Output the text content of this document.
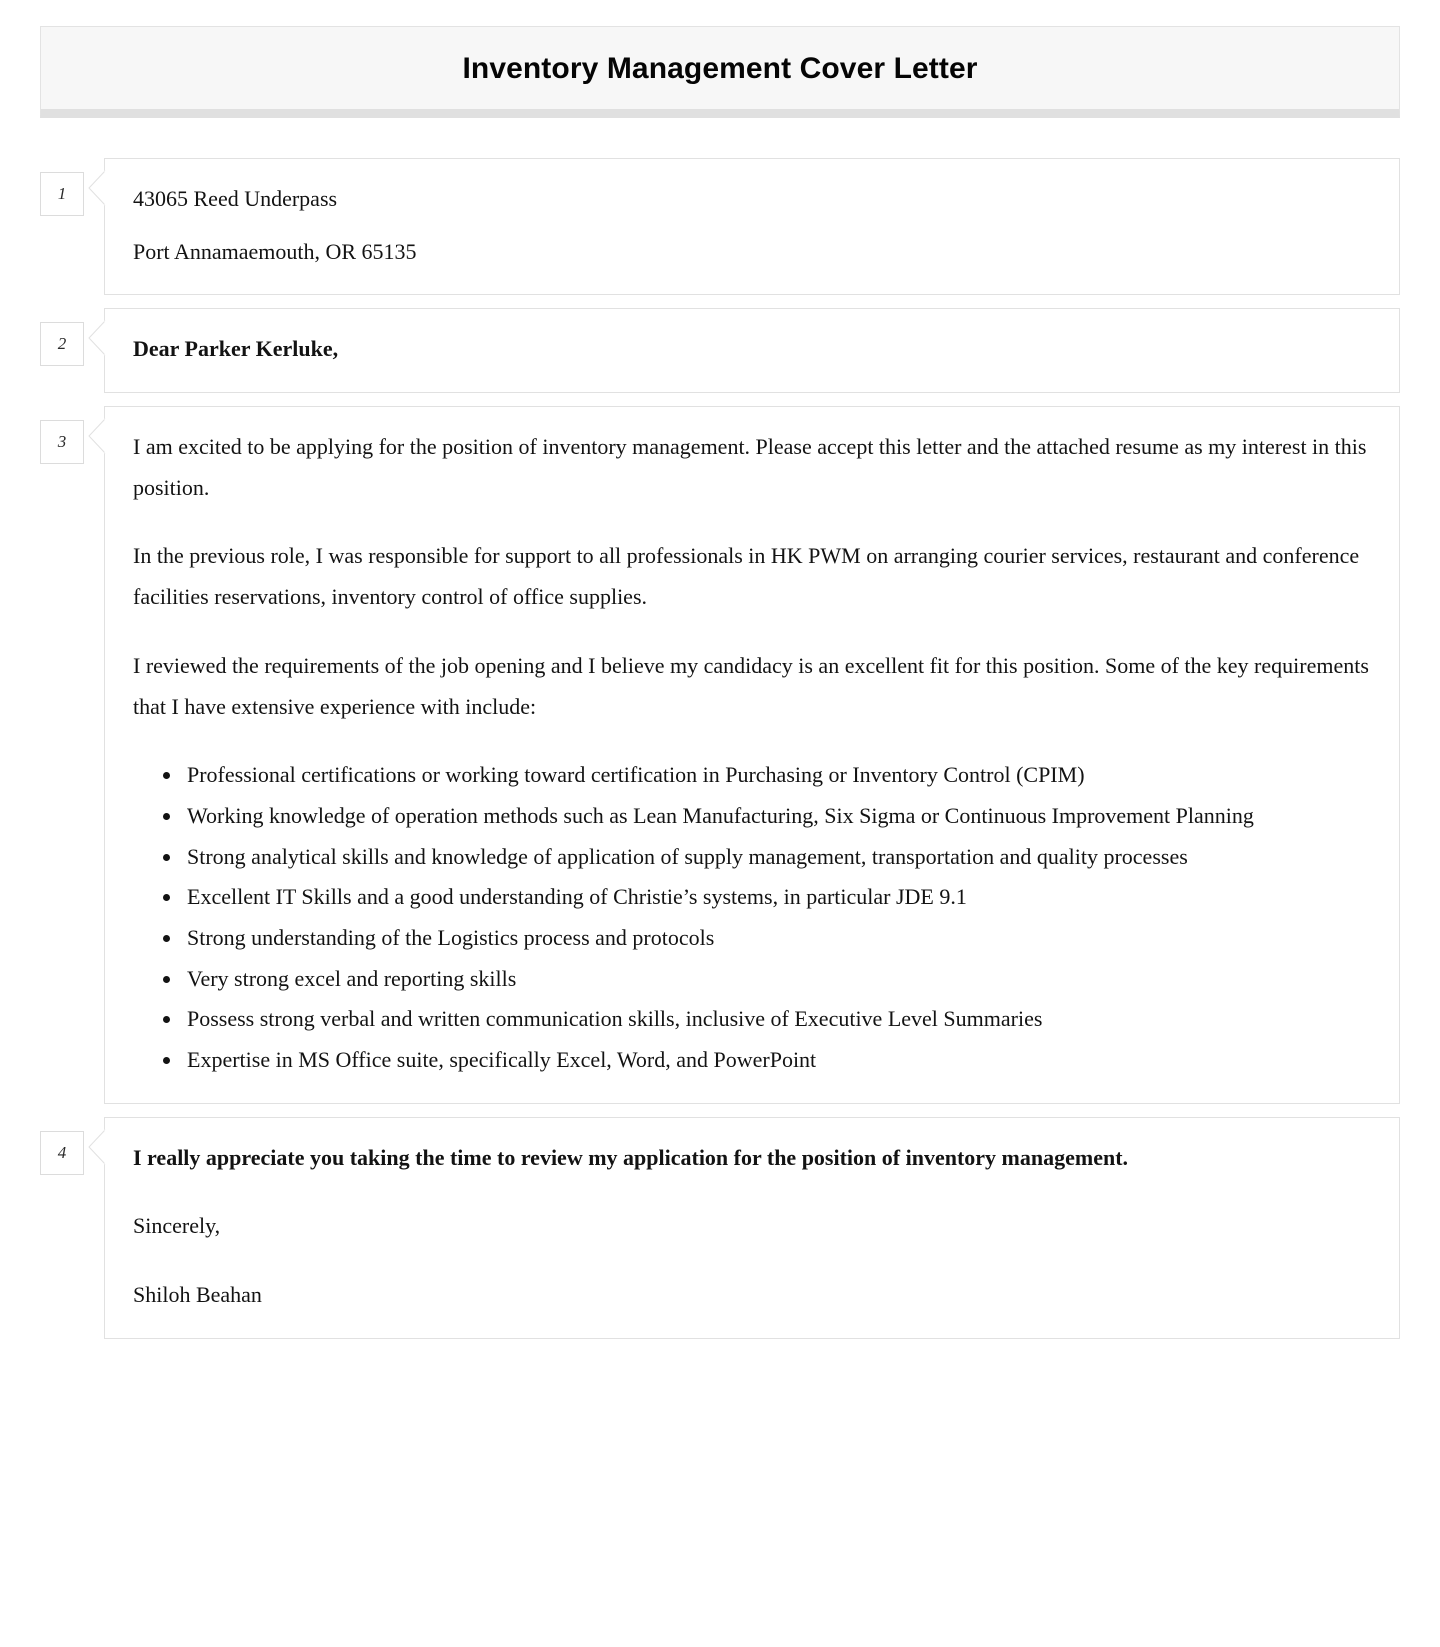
Inventory Management Cover Letter
1	43065 Reed Underpass

Port Annamaemouth, OR 65135

2	Dear Parker Kerluke,

3	I am excited to be applying for the position of inventory management. Please accept this letter and the attached resume as my interest in this position.

In the previous role, I was responsible for support to all professionals in HK PWM on arranging courier services, restaurant and conference facilities reservations, inventory control of office supplies.

I reviewed the requirements of the job opening and I believe my candidacy is an excellent fit for this position. Some of the key requirements that I have extensive experience with include:

• Professional certifications or working toward certification in Purchasing or Inventory Control (CPIM)
• Working knowledge of operation methods such as Lean Manufacturing, Six Sigma or Continuous Improvement Planning
• Strong analytical skills and knowledge of application of supply management, transportation and quality processes
• Excellent IT Skills and a good understanding of Christie’s systems, in particular JDE 9.1
• Strong understanding of the Logistics process and protocols
• Very strong excel and reporting skills
• Possess strong verbal and written communication skills, inclusive of Executive Level Summaries
• Expertise in MS Office suite, specifically Excel, Word, and PowerPoint
4	I really appreciate you taking the time to review my application for the position of inventory management.

Sincerely,

Shiloh Beahan
